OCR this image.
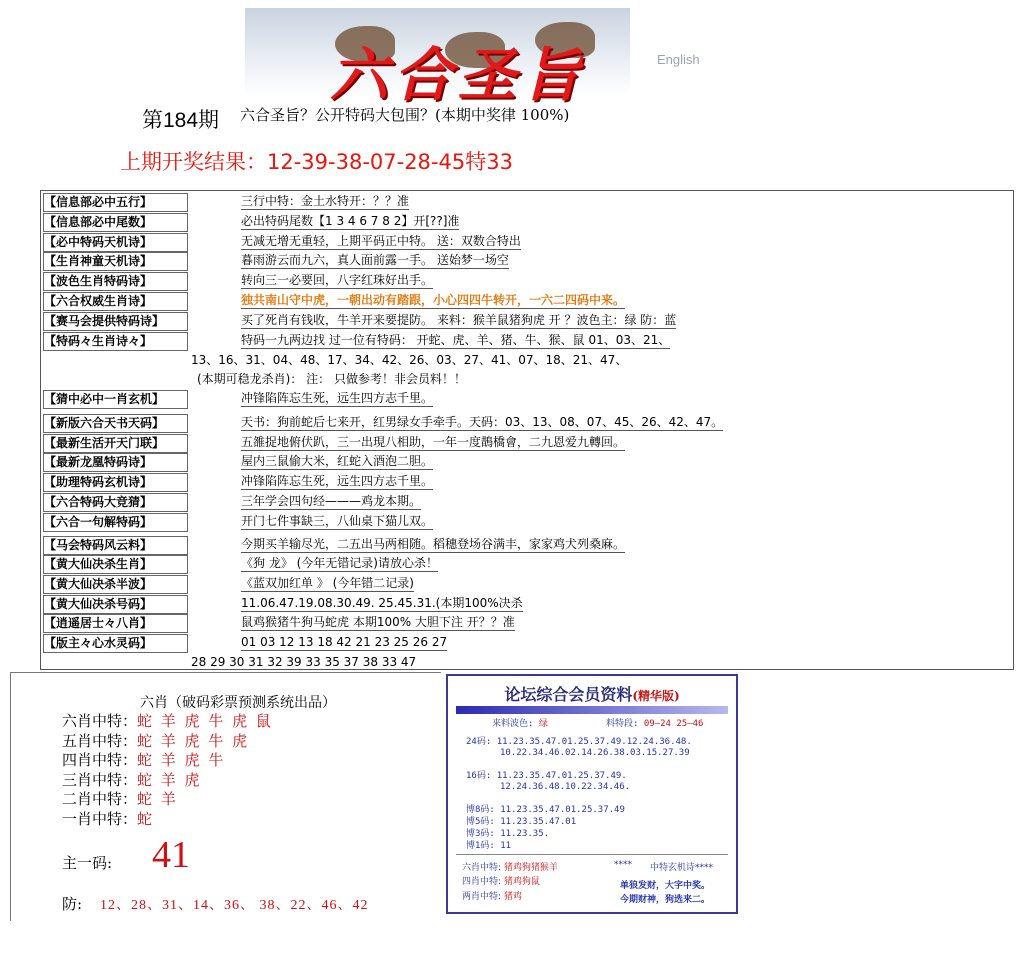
六合圣旨	English
第184期 六合圣旨？公开特码大包围？(本期中奖律 100%)
上期开奖结果：12-39-38-07-28-45特33
【信息部必中五行】	三行中特：金土水特开：？？准
【信息部必中尾数】	必出特码尾数【1 3 4 6 7 8 2】开[??]准
【必中特码天机诗】	无减无增无重轻，上期平码正中特。 送：双数合特出
【生肖神童天机诗】	暮雨游云而九六，真人面前露一手。 送始梦一场空
【波色生肖特码诗】	转向三一必要回，八字红珠好出手。
【六合权威生肖诗】	独共南山守中虎，一朝出动有踏跟，小心四四牛转开，一六二四码中来。
【赛马会提供特码诗】	买了死肖有钱收，牛羊开来要提防。 来料：猴羊鼠猪狗虎 开 ？波色主：绿 防：蓝
【特码々生肖诗々】	特码一九两边找 过一位有特码： 开蛇、虎、羊、猪、牛、猴、鼠 01、03、21、
13、16、31、04、48、17、34、42、26、03、27、41、07、18、21、47、
(本期可稳龙杀肖)： 注： 只做参考！非会员料！！
【猜中必中一肖玄机】	冲锋陷阵忘生死，远生四方志千里。
【新版六合天书天码】	天书：狗前蛇后七来开，红男绿女手牵手。天码：03、13、08、07、45、26、42、47。
【最新生活开天门联】	五雒捉地俯伏趴，三一出現八相助，一年一度鵲橋會，二九恩爱九轉回。
【最新龙凰特码诗】	屋内三鼠偷大米，红蛇入酒泡二胆。
【助理特码玄机诗】	冲锋陷阵忘生死，远生四方志千里。
【六合特码大竞猜】	三年学会四句经———鸡龙本期。
【六合一句解特码】	开门七件事缺三，八仙桌下猫儿双。
【马会特码风云料】	今期买羊输尽光，二五出马两相随。稻穗登场谷满丰，家家鸡犬列桑麻。
【黄大仙决杀生肖】	《狗 龙》 (今年无错记录)请放心杀！
【黄大仙决杀半波】	《蓝双加红单 》 (今年错二记录)
【黄大仙决杀号码】	11.06.47.19.08.30.49. 25.45.31.(本期100%决杀
【逍遥居士々八肖】	鼠鸡猴猪牛狗马蛇虎 本期100% 大胆下注 开？？准
【版主々心水灵码】	01 03 12 13 18 42 21 23 25 26 27
28 29 30 31 32 39 33 35 37 38 33 47
六肖（破码彩票预测系统出品）
六肖中特：蛇 羊 虎 牛 虎 鼠
五肖中特：蛇 羊 虎 牛 虎
四肖中特：蛇 羊 虎 牛
三肖中特：蛇 羊 虎
二肖中特：蛇 羊
一肖中特：蛇
主一码: 41
防: 12、28、31、14、36、 38、22、46、42
论坛综合会员资料(精华版)
来料波色: 绿	料特段: 09—24 25—46
24码: 11.23.35.47.01.25.37.49.12.24.36.48.
10.22.34.46.02.14.26.38.03.15.27.39
16码: 11.23.35.47.01.25.37.49.
12.24.36.48.10.22.34.46.
博8码: 11.23.35.47.01.25.37.49
博5码: 11.23.35.47.01
博3码: 11.23.35.
博1码: 11
六肖中特: 猪鸡狗猪猴羊
四肖中特: 猪鸡狗鼠
两肖中特: 猪鸡
**** 中特玄机诗****
单狼发财，大字中奖。
今期财神，狗选来二。
